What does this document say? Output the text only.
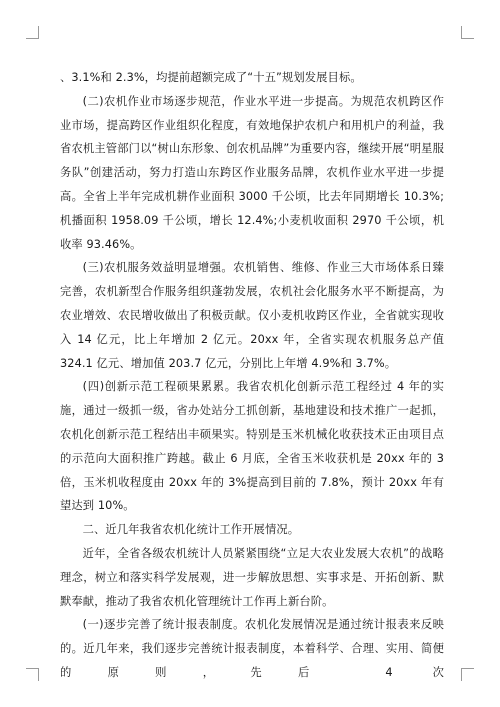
、3.1%和 2.3%，均提前超额完成了“十五”规划发展目标。

(二)农机作业市场逐步规范，作业水平进一步提高。为规范农机跨区作业市场，提高跨区作业组织化程度，有效地保护农机户和用机户的利益，我省农机主管部门以“树山东形象、创农机品牌”为重要内容，继续开展“明星服务队”创建活动，努力打造山东跨区作业服务品牌，农机作业水平进一步提高。全省上半年完成机耕作业面积 3000 千公顷，比去年同期增长 10.3%;机播面积 1958.09 千公顷，增长 12.4%;小麦机收面积 2970 千公顷，机收率 93.46%。

(三)农机服务效益明显增强。农机销售、维修、作业三大市场体系日臻完善，农机新型合作服务组织蓬勃发展，农机社会化服务水平不断提高，为农业增效、农民增收做出了积极贡献。仅小麦机收跨区作业，全省就实现收入 14 亿元，比上年增加 2 亿元。20xx 年，全省实现农机服务总产值 324.1 亿元、增加值 203.7 亿元，分别比上年增 4.9%和 3.7%。

(四)创新示范工程硕果累累。我省农机化创新示范工程经过 4 年的实施，通过一级抓一级，省办处站分工抓创新，基地建设和技术推广一起抓，农机化创新示范工程结出丰硕果实。特别是玉米机械化收获技术正由项目点的示范向大面积推广跨越。截止 6 月底，全省玉米收获机是 20xx 年的 3 倍，玉米机收程度由 20xx 年的 3%提高到目前的 7.8%，预计 20xx 年有望达到 10%。

二、近几年我省农机化统计工作开展情况。

近年，全省各级农机统计人员紧紧围绕“立足大农业发展大农机”的战略理念，树立和落实科学发展观，进一步解放思想、实事求是、开拓创新、默默奉献，推动了我省农机化管理统计工作再上新台阶。

(一)逐步完善了统计报表制度。农机化发展情况是通过统计报表来反映的。近几年来，我们逐步完善统计报表制度，本着科学、合理、实用、简便的原则，先后 4 次
